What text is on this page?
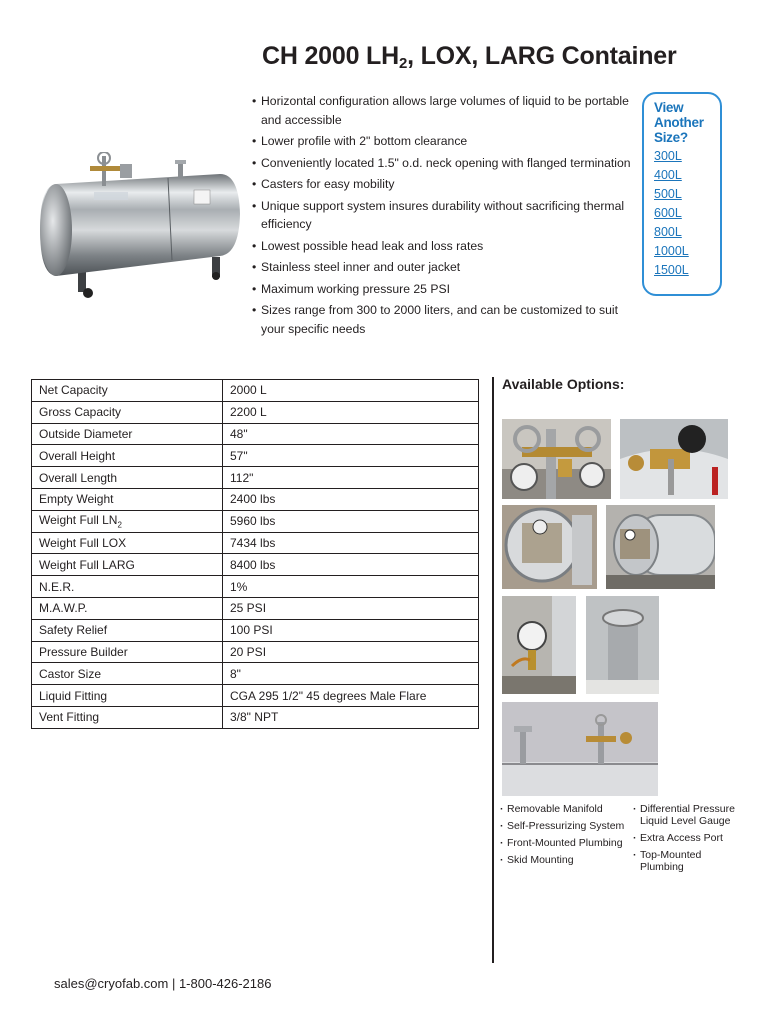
CH 2000 $LH_2$, LOX, LARG Container
• Horizontal configuration allows large volumes of liquid to be portable and accessible
• Lower profile with 2" bottom clearance
• Conveniently located 1.5" o.d. neck opening with flanged termination
• Casters for easy mobility
• Unique support system insures durability without sacrificing thermal efficiency
• Lowest possible head leak and loss rates
• Stainless steel inner and outer jacket
• Maximum working pressure 25 PSI
• Sizes range from 300 to 2000 liters, and can be customized to suit your specific needs
View
Another
Size?
300L
400L
500L
600L
800L
1000L
1500L
Net Capacity	2000 L
Gross Capacity	2200 L
Outside Diameter	48"
Overall Height	57"
Overall Length	112"
Empty Weight	2400 lbs
Weight Full $LN_2$	5960 lbs
Weight Full LOX	7434 lbs
Weight Full LARG	8400 lbs
N.E.R.	1%
M.A.W.P.	25 PSI
Safety Relief	100 PSI
Pressure Builder	20 PSI
Castor Size	8"
Liquid Fitting	CGA 295 1/2" 45 degrees Male Flare
Vent Fitting	3/8" NPT
Available Options:
· Removable Manifold
· Self-Pressurizing System
· Front-Mounted Plumbing
· Skid Mounting
· Differential Pressure Liquid Level Gauge
· Extra Access Port
· Top-Mounted Plumbing
sales@cryofab.com | 1-800-426-2186
